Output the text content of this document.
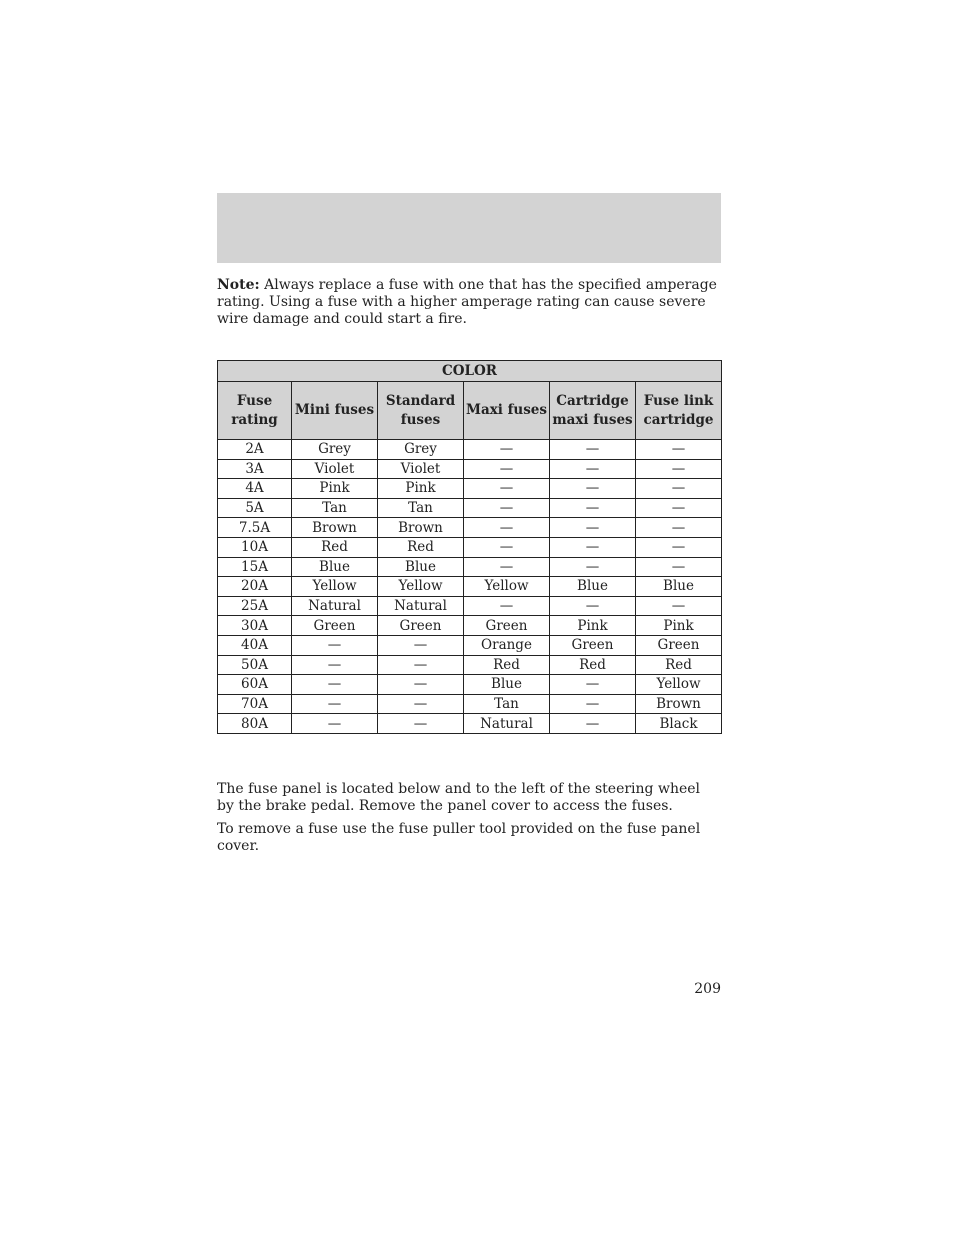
Note: Always replace a fuse with one that has the specified amperage rating. Using a fuse with a higher amperage rating can cause severe wire damage and could start a fire.

COLOR					
Fuse rating	Mini fuses	Standard fuses	Maxi fuses	Cartridge maxi fuses	Fuse link cartridge
2A	Grey	Grey	—	—	—
3A	Violet	Violet	—	—	—
4A	Pink	Pink	—	—	—
5A	Tan	Tan	—	—	—
7.5A	Brown	Brown	—	—	—
10A	Red	Red	—	—	—
15A	Blue	Blue	—	—	—
20A	Yellow	Yellow	Yellow	Blue	Blue
25A	Natural	Natural	—	—	—
30A	Green	Green	Green	Pink	Pink
40A	—	—	Orange	Green	Green
50A	—	—	Red	Red	Red
60A	—	—	Blue	—	Yellow
70A	—	—	Tan	—	Brown
80A	—	—	Natural	—	Black

The fuse panel is located below and to the left of the steering wheel by the brake pedal. Remove the panel cover to access the fuses.

To remove a fuse use the fuse puller tool provided on the fuse panel cover.

209
